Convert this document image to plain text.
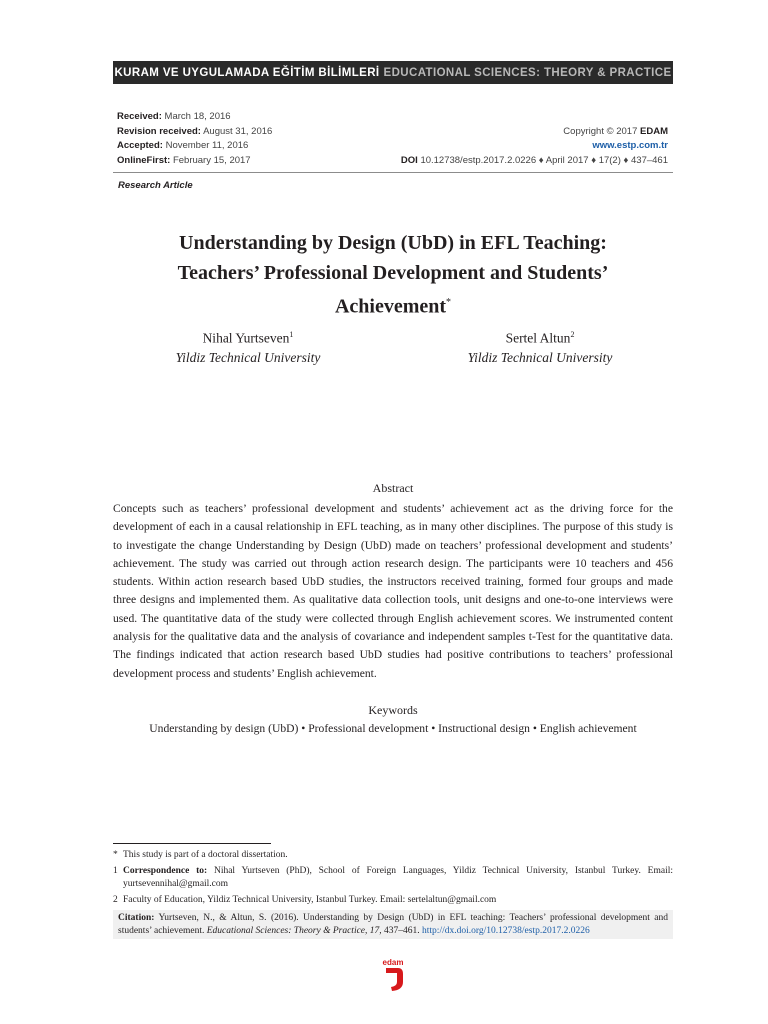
KURAM VE UYGULAMADA EĞİTİM BİLİMLERİ EDUCATIONAL SCIENCES: THEORY & PRACTICE
Received: March 18, 2016
Revision received: August 31, 2016
Accepted: November 11, 2016
OnlineFirst: February 15, 2017
Copyright © 2017 EDAM
www.estp.com.tr
DOI 10.12738/estp.2017.2.0226 ♦ April 2017 ♦ 17(2) ♦ 437–461
Research Article
Understanding by Design (UbD) in EFL Teaching:
Teachers’ Professional Development and Students’
Achievement*
Nihal Yurtseven$^1$
Yildiz Technical University
Sertel Altun$^2$
Yildiz Technical University
Abstract
Concepts such as teachers’ professional development and students’ achievement act as the driving force for the development of each in a causal relationship in EFL teaching, as in many other disciplines. The purpose of this study is to investigate the change Understanding by Design (UbD) made on teachers’ professional development and students’ achievement. The study was carried out through action research design. The participants were 10 teachers and 456 students. Within action research based UbD studies, the instructors received training, formed four groups and made three designs and implemented them. As qualitative data collection tools, unit designs and one-to-one interviews were used. The quantitative data of the study were collected through English achievement scores. We instrumented content analysis for the qualitative data and the analysis of covariance and independent samples t-Test for the quantitative data. The findings indicated that action research based UbD studies had positive contributions to teachers’ professional development process and students’ English achievement.
Keywords
Understanding by design (UbD) • Professional development • Instructional design • English achievement
* This study is part of a doctoral dissertation.
1 Correspondence to: Nihal Yurtseven (PhD), School of Foreign Languages, Yildiz Technical University, Istanbul Turkey. Email: yurtsevennihal@gmail.com
2 Faculty of Education, Yildiz Technical University, Istanbul Turkey. Email: sertelaltun@gmail.com
Citation: Yurtseven, N., & Altun, S. (2016). Understanding by Design (UbD) in EFL teaching: Teachers’ professional development and students’ achievement. Educational Sciences: Theory & Practice, 17, 437–461. http://dx.doi.org/10.12738/estp.2017.2.0226
edam
